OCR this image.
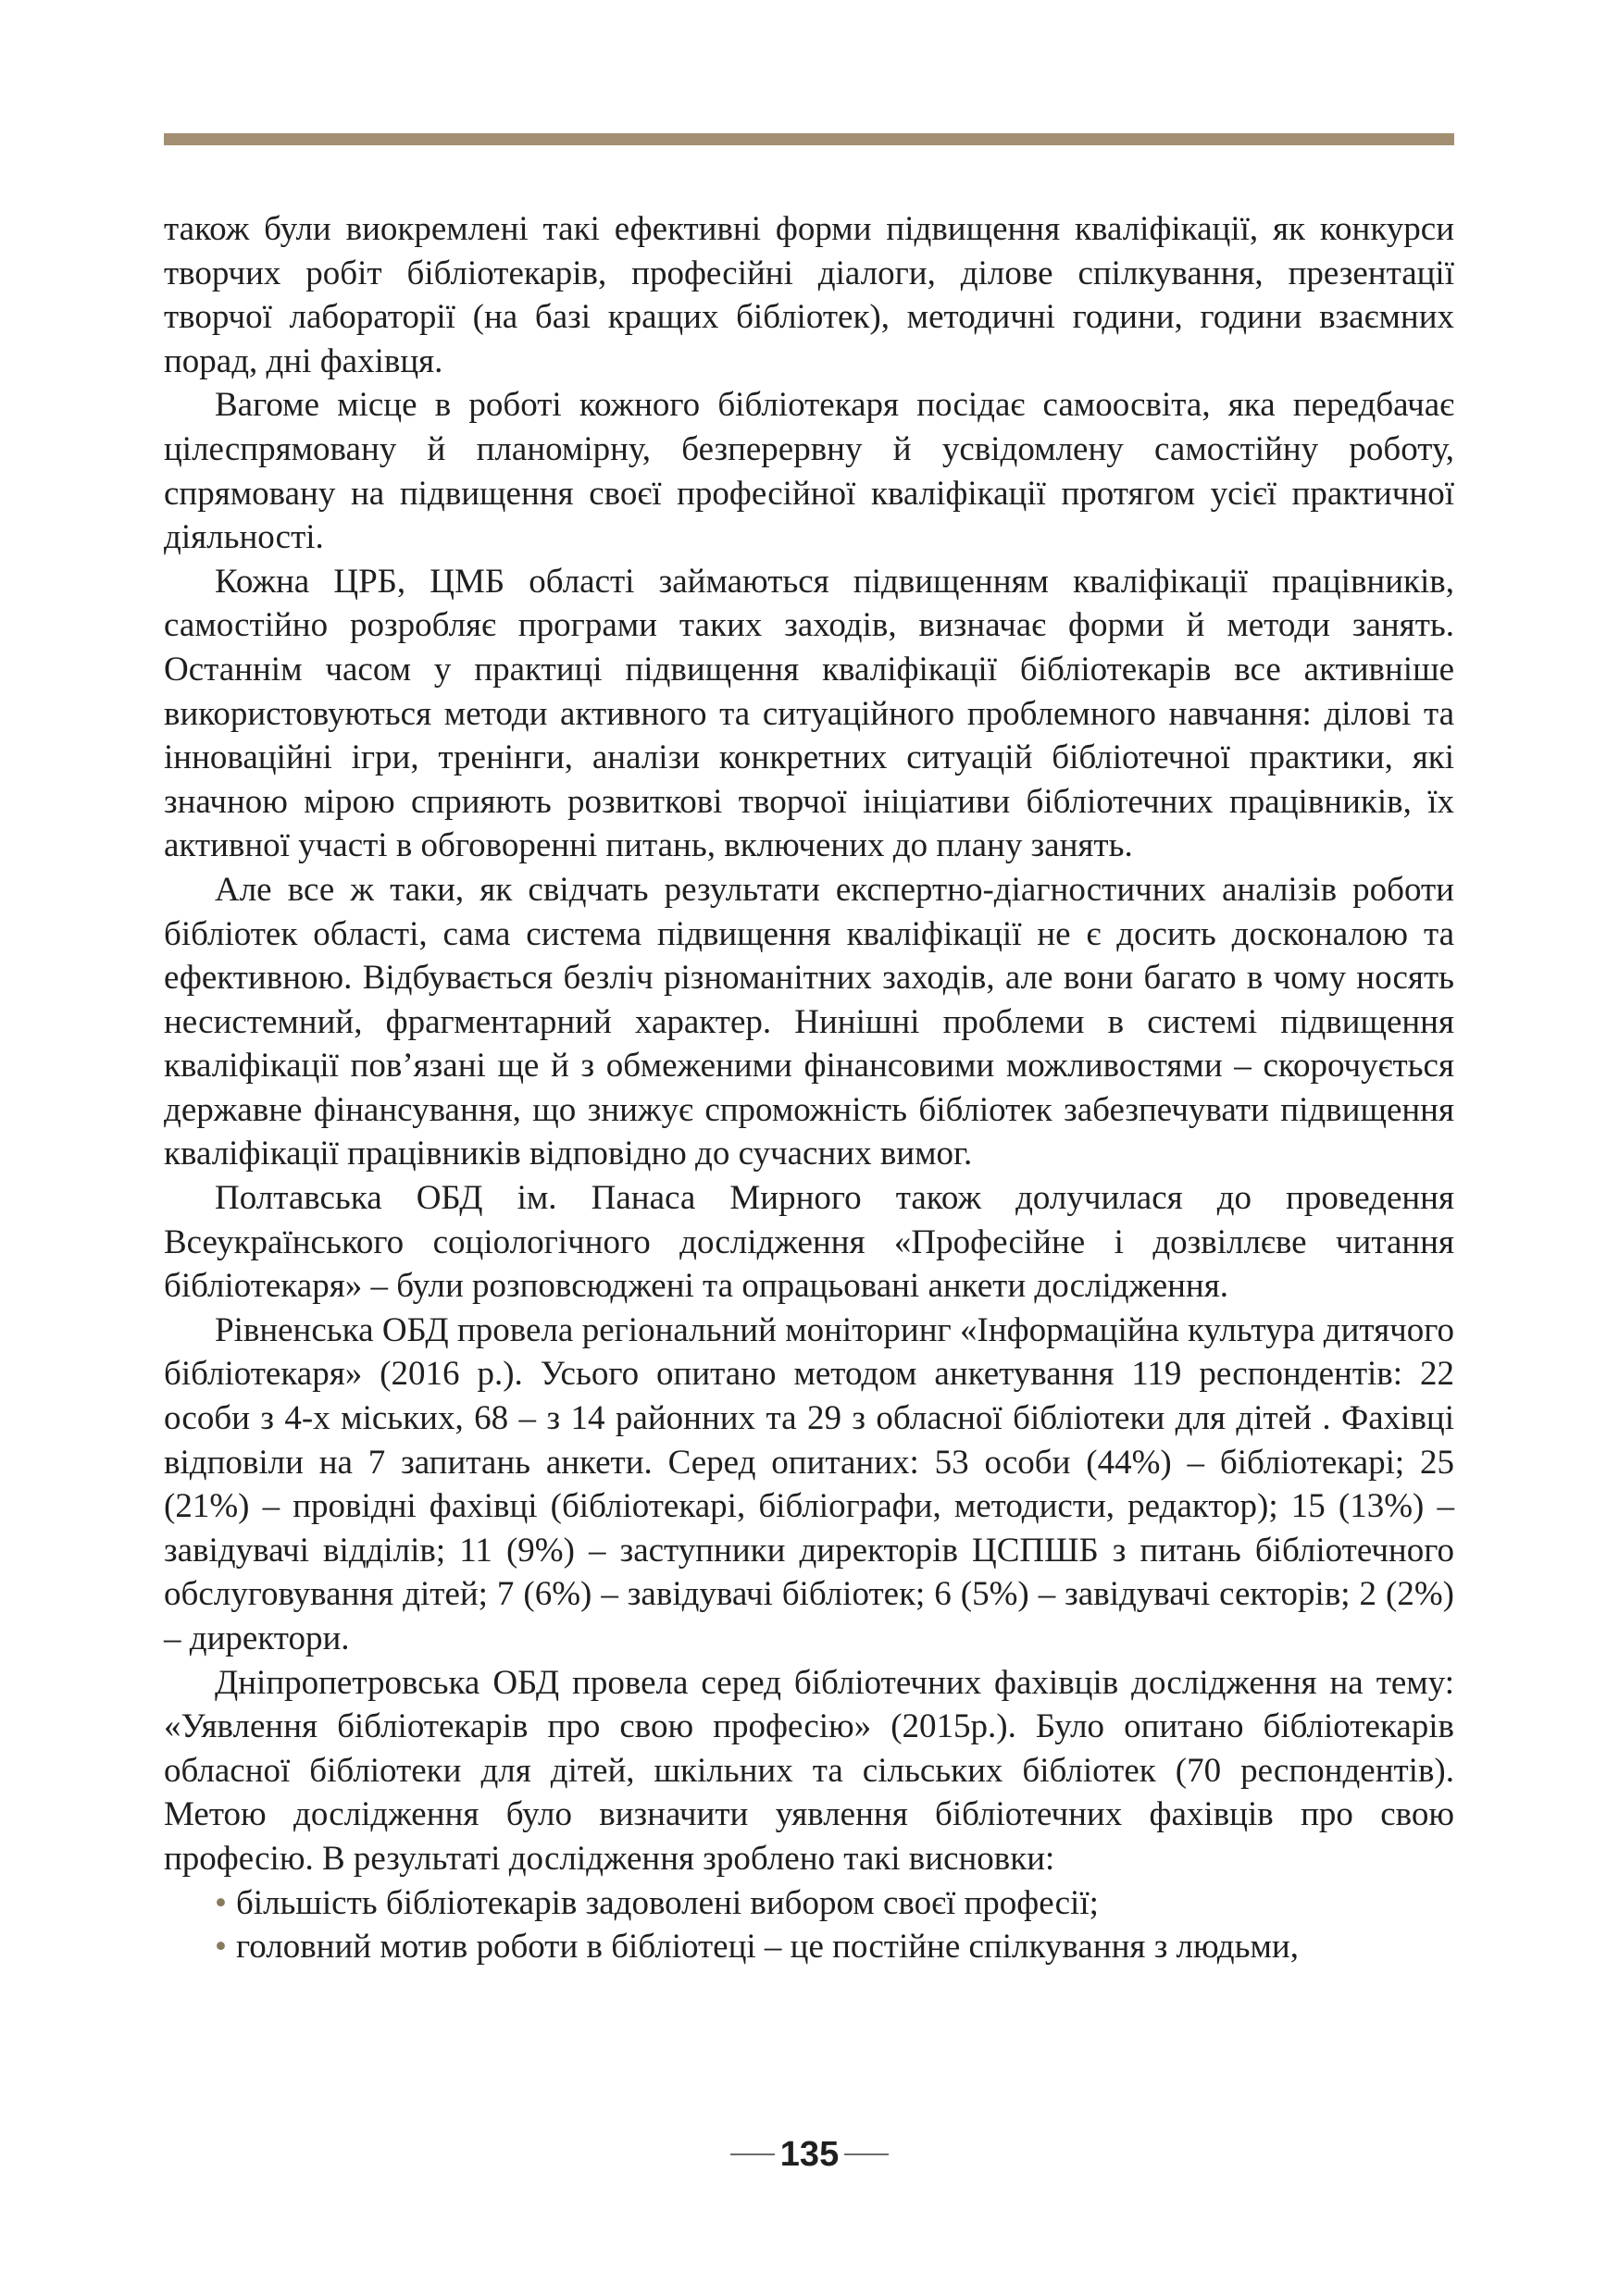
також були виокремлені такі ефективні форми підвищення кваліфікації, як конкурси творчих робіт бібліотекарів, професійні діалоги, ділове спілкування, презентації творчої лабораторії (на базі кращих бібліотек), методичні години, години взаємних порад, дні фахівця.

Вагоме місце в роботі кожного бібліотекаря посідає самоосвіта, яка передбачає цілеспрямовану й планомірну, безперервну й усвідомлену самостійну роботу, спрямовану на підвищення своєї професійної кваліфікації протягом усієї практичної діяльності.

Кожна ЦРБ, ЦМБ області займаються підвищенням кваліфікації працівників, самостійно розробляє програми таких заходів, визначає форми й методи занять. Останнім часом у практиці підвищення кваліфікації бібліотекарів все активніше використовуються методи активного та ситуаційного проблемного навчання: ділові та інноваційні ігри, тренінги, аналізи конкретних ситуацій бібліотечної практики, які значною мірою сприяють розвиткові творчої ініціативи бібліотечних працівників, їх активної участі в обговоренні питань, включених до плану занять.

Але все ж таки, як свідчать результати експертно-діагностичних аналізів роботи бібліотек області, сама система підвищення кваліфікації не є досить досконалою та ефективною. Відбувається безліч різноманітних заходів, але вони багато в чому носять несистемний, фрагментарний характер. Нинішні проблеми в системі підвищення кваліфікації пов’язані ще й з обмеженими фінансовими можливостями – скорочується державне фінансування, що знижує спроможність бібліотек забезпечувати підвищення кваліфікації працівників відповідно до сучасних вимог.

Полтавська ОБД ім. Панаса Мирного також долучилася до проведення Всеукраїнського соціологічного дослідження «Професійне і дозвіллєве читання бібліотекаря» – були розповсюджені та опрацьовані анкети дослідження.

Рівненська ОБД провела регіональний моніторинг «Інформаційна культура дитячого бібліотекаря» (2016 р.). Усього опитано методом анкетування 119 респондентів: 22 особи з 4-х міських, 68 – з 14 районних та 29 з обласної бібліотеки для дітей . Фахівці відповіли на 7 запитань анкети. Серед опитаних: 53 особи (44%) – бібліотекарі; 25 (21%) – провідні фахівці (бібліотекарі, бібліографи, методисти, редактор); 15 (13%) – завідувачі відділів; 11 (9%) – заступники директорів ЦСПШБ з питань бібліотечного обслуговування дітей; 7 (6%) – завідувачі бібліотек; 6 (5%) – завідувачі секторів; 2 (2%) – директори.

Дніпропетровська ОБД провела серед бібліотечних фахівців дослідження на тему: «Уявлення бібліотекарів про свою професію» (2015р.). Було опитано бібліотекарів обласної бібліотеки для дітей, шкільних та сільських бібліотек (70 респондентів). Метою дослідження було визначити уявлення бібліотечних фахівців про свою професію. В результаті дослідження зроблено такі висновки:

• більшість бібліотекарів задоволені вибором своєї професії;
• головний мотив роботи в бібліотеці – це постійне спілкування з людьми,
135
